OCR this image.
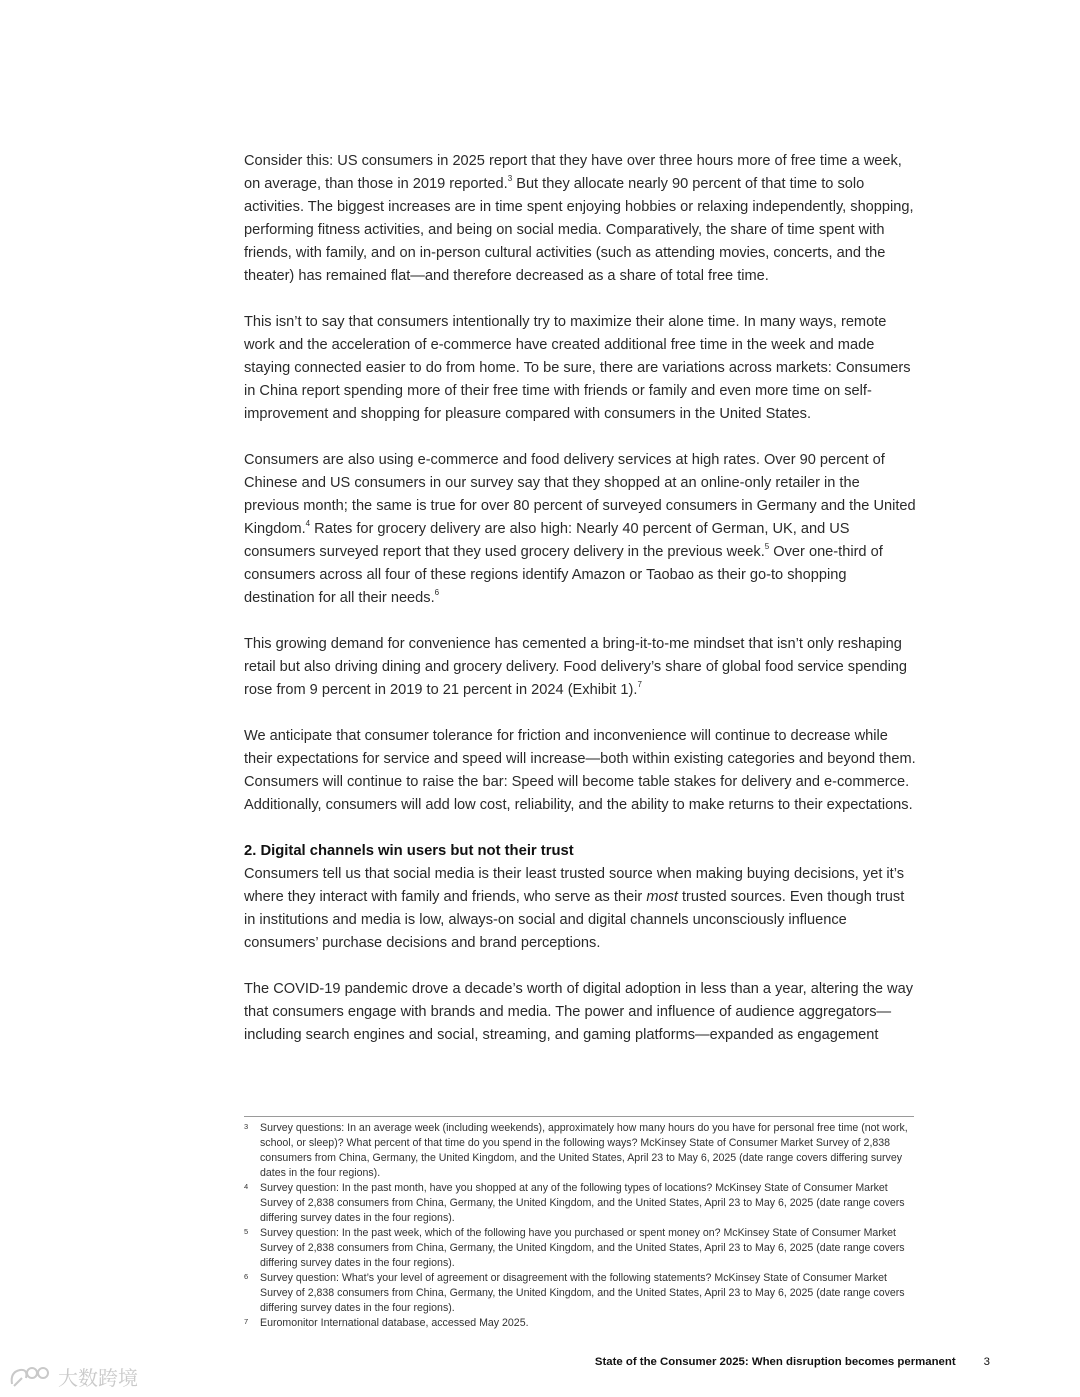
Consider this: US consumers in 2025 report that they have over three hours more of free time a week, on average, than those in 2019 reported.$^3$ But they allocate nearly 90 percent of that time to solo activities. The biggest increases are in time spent enjoying hobbies or relaxing independently, shopping, performing fitness activities, and being on social media. Comparatively, the share of time spent with friends, with family, and on in-person cultural activities (such as attending movies, concerts, and the theater) has remained flat—and therefore decreased as a share of total free time.

This isn’t to say that consumers intentionally try to maximize their alone time. In many ways, remote work and the acceleration of e-commerce have created additional free time in the week and made staying connected easier to do from home. To be sure, there are variations across markets: Consumers in China report spending more of their free time with friends or family and even more time on self-improvement and shopping for pleasure compared with consumers in the United States.

Consumers are also using e-commerce and food delivery services at high rates. Over 90 percent of Chinese and US consumers in our survey say that they shopped at an online-only retailer in the previous month; the same is true for over 80 percent of surveyed consumers in Germany and the United Kingdom.$^4$ Rates for grocery delivery are also high: Nearly 40 percent of German, UK, and US consumers surveyed report that they used grocery delivery in the previous week.$^5$ Over one-third of consumers across all four of these regions identify Amazon or Taobao as their go-to shopping destination for all their needs.$^6$

This growing demand for convenience has cemented a bring-it-to-me mindset that isn’t only reshaping retail but also driving dining and grocery delivery. Food delivery’s share of global food service spending rose from 9 percent in 2019 to 21 percent in 2024 (Exhibit 1).$^7$

We anticipate that consumer tolerance for friction and inconvenience will continue to decrease while their expectations for service and speed will increase—both within existing categories and beyond them. Consumers will continue to raise the bar: Speed will become table stakes for delivery and e-commerce. Additionally, consumers will add low cost, reliability, and the ability to make returns to their expectations.

2. Digital channels win users but not their trust

Consumers tell us that social media is their least trusted source when making buying decisions, yet it’s where they interact with family and friends, who serve as their most trusted sources. Even though trust in institutions and media is low, always-on social and digital channels unconsciously influence consumers’ purchase decisions and brand perceptions.

The COVID-19 pandemic drove a decade’s worth of digital adoption in less than a year, altering the way that consumers engage with brands and media. The power and influence of audience aggregators—including search engines and social, streaming, and gaming platforms—expanded as engagement

3	Survey questions: In an average week (including weekends), approximately how many hours do you have for personal free time (not work, school, or sleep)? What percent of that time do you spend in the following ways? McKinsey State of Consumer Market Survey of 2,838 consumers from China, Germany, the United Kingdom, and the United States, April 23 to May 6, 2025 (date range covers differing survey dates in the four regions).
4	Survey question: In the past month, have you shopped at any of the following types of locations? McKinsey State of Consumer Market Survey of 2,838 consumers from China, Germany, the United Kingdom, and the United States, April 23 to May 6, 2025 (date range covers differing survey dates in the four regions).
5	Survey question: In the past week, which of the following have you purchased or spent money on? McKinsey State of Consumer Market Survey of 2,838 consumers from China, Germany, the United Kingdom, and the United States, April 23 to May 6, 2025 (date range covers differing survey dates in the four regions).
6	Survey question: What’s your level of agreement or disagreement with the following statements? McKinsey State of Consumer Market Survey of 2,838 consumers from China, Germany, the United Kingdom, and the United States, April 23 to May 6, 2025 (date range covers differing survey dates in the four regions).
7	Euromonitor International database, accessed May 2025.
State of the Consumer 2025: When disruption becomes permanent 3
大数跨境
